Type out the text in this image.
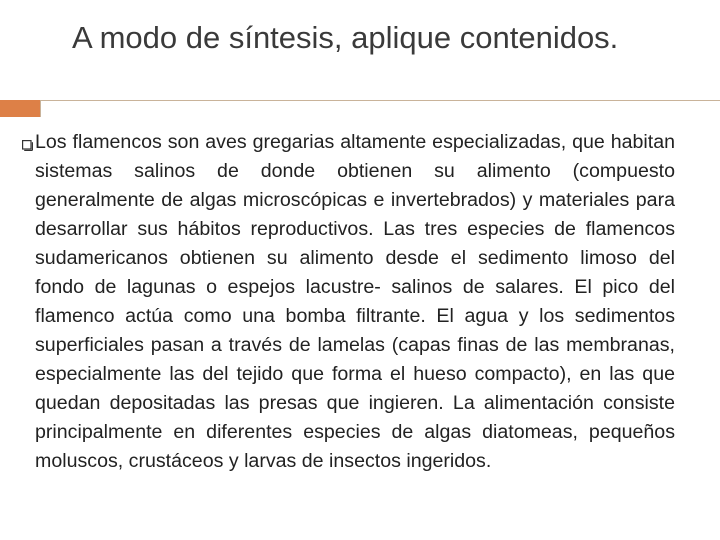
A modo de síntesis, aplique contenidos.

Los flamencos son aves gregarias altamente especializadas, que habitan sistemas salinos de donde obtienen su alimento (compuesto generalmente de algas microscópicas e invertebrados) y materiales para desarrollar sus hábitos reproductivos. Las tres especies de flamencos sudamericanos obtienen su alimento desde el sedimento limoso del fondo de lagunas o espejos lacustre- salinos de salares. El pico del flamenco actúa como una bomba filtrante. El agua y los sedimentos superficiales pasan a través de lamelas (capas finas de las membranas, especialmente las del tejido que forma el hueso compacto), en las que quedan depositadas las presas que ingieren. La alimentación consiste principalmente en diferentes especies de algas diatomeas, pequeños moluscos, crustáceos y larvas de insectos ingeridos.
